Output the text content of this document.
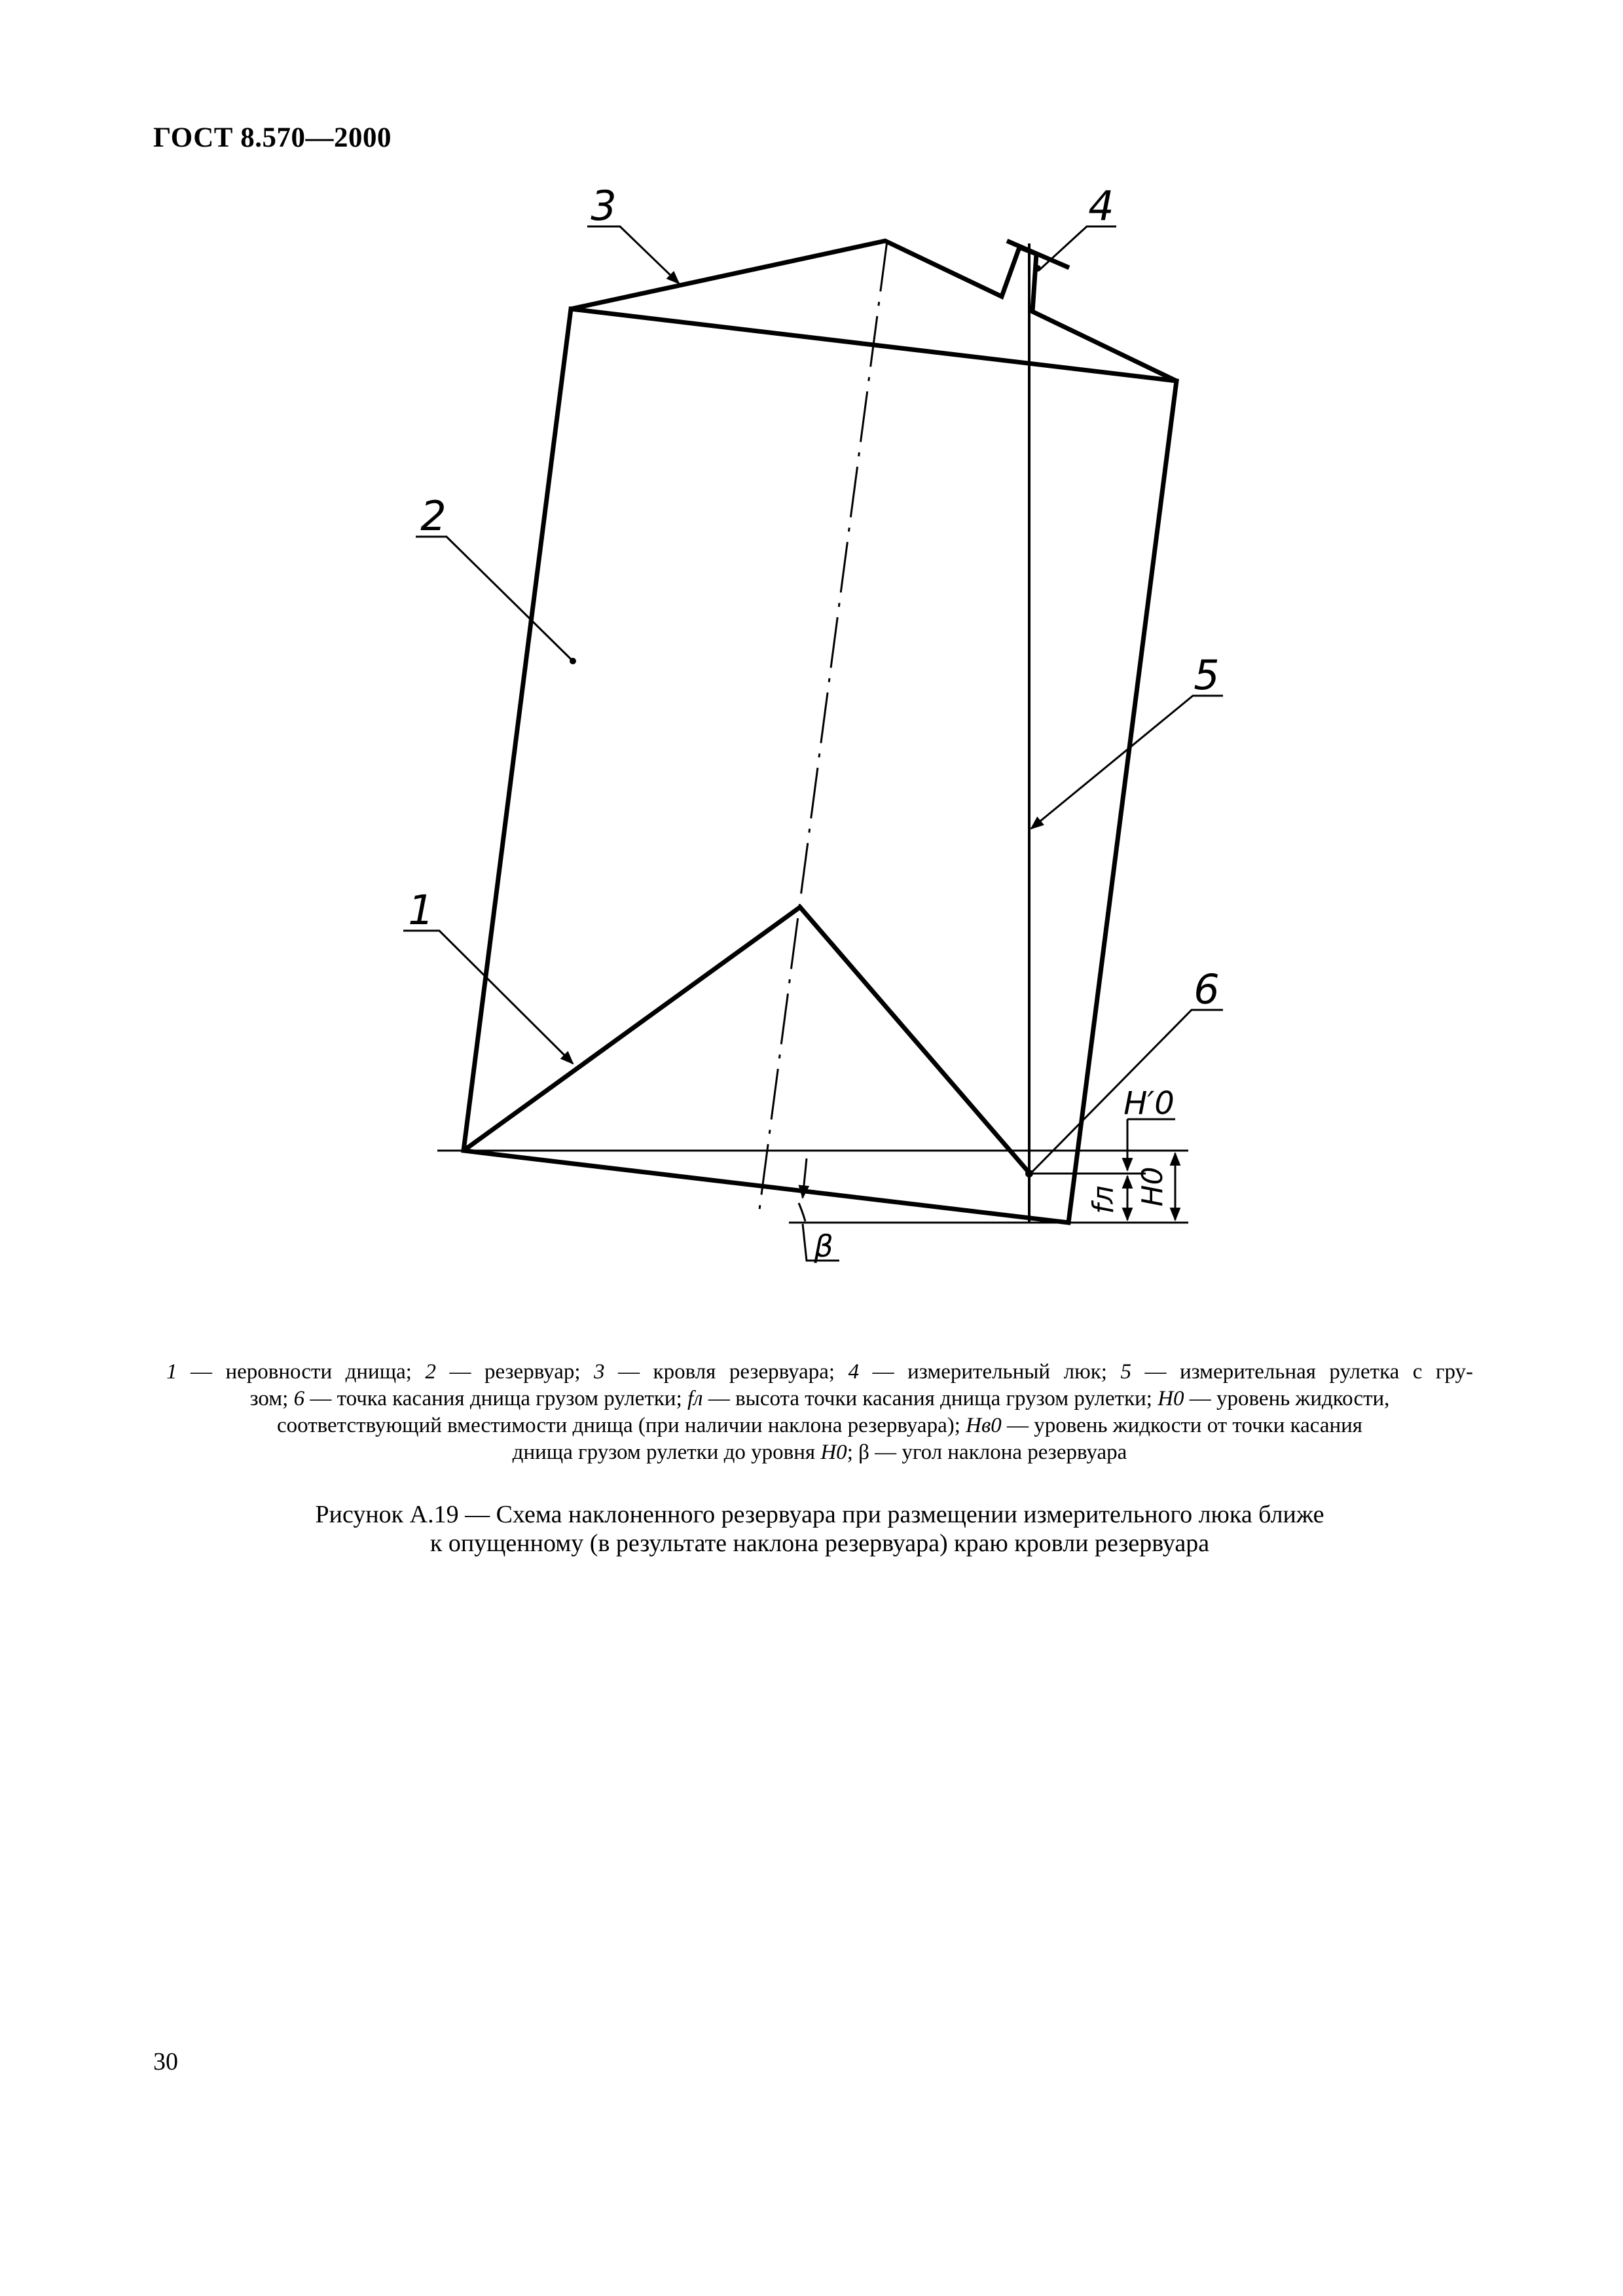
ГОСТ 8.570—2000
1
2
3	4
5
6
H′0
fл H0
β
1 — неровности днища; 2 — резервуар; 3 — кровля резервуара; 4 — измерительный люк; 5 — измерительная рулетка с гру-
зом; 6 — точка касания днища грузом рулетки; fл — высота точки касания днища грузом рулетки; H0 — уровень жидкости,
соответствующий вместимости днища (при наличии наклона резервуара); Hв0 — уровень жидкости от точки касания
днища грузом рулетки до уровня H0; β — угол наклона резервуара
Рисунок А.19 — Схема наклоненного резервуара при размещении измерительного люка ближе
к опущенному (в результате наклона резервуара) краю кровли резервуара
30
